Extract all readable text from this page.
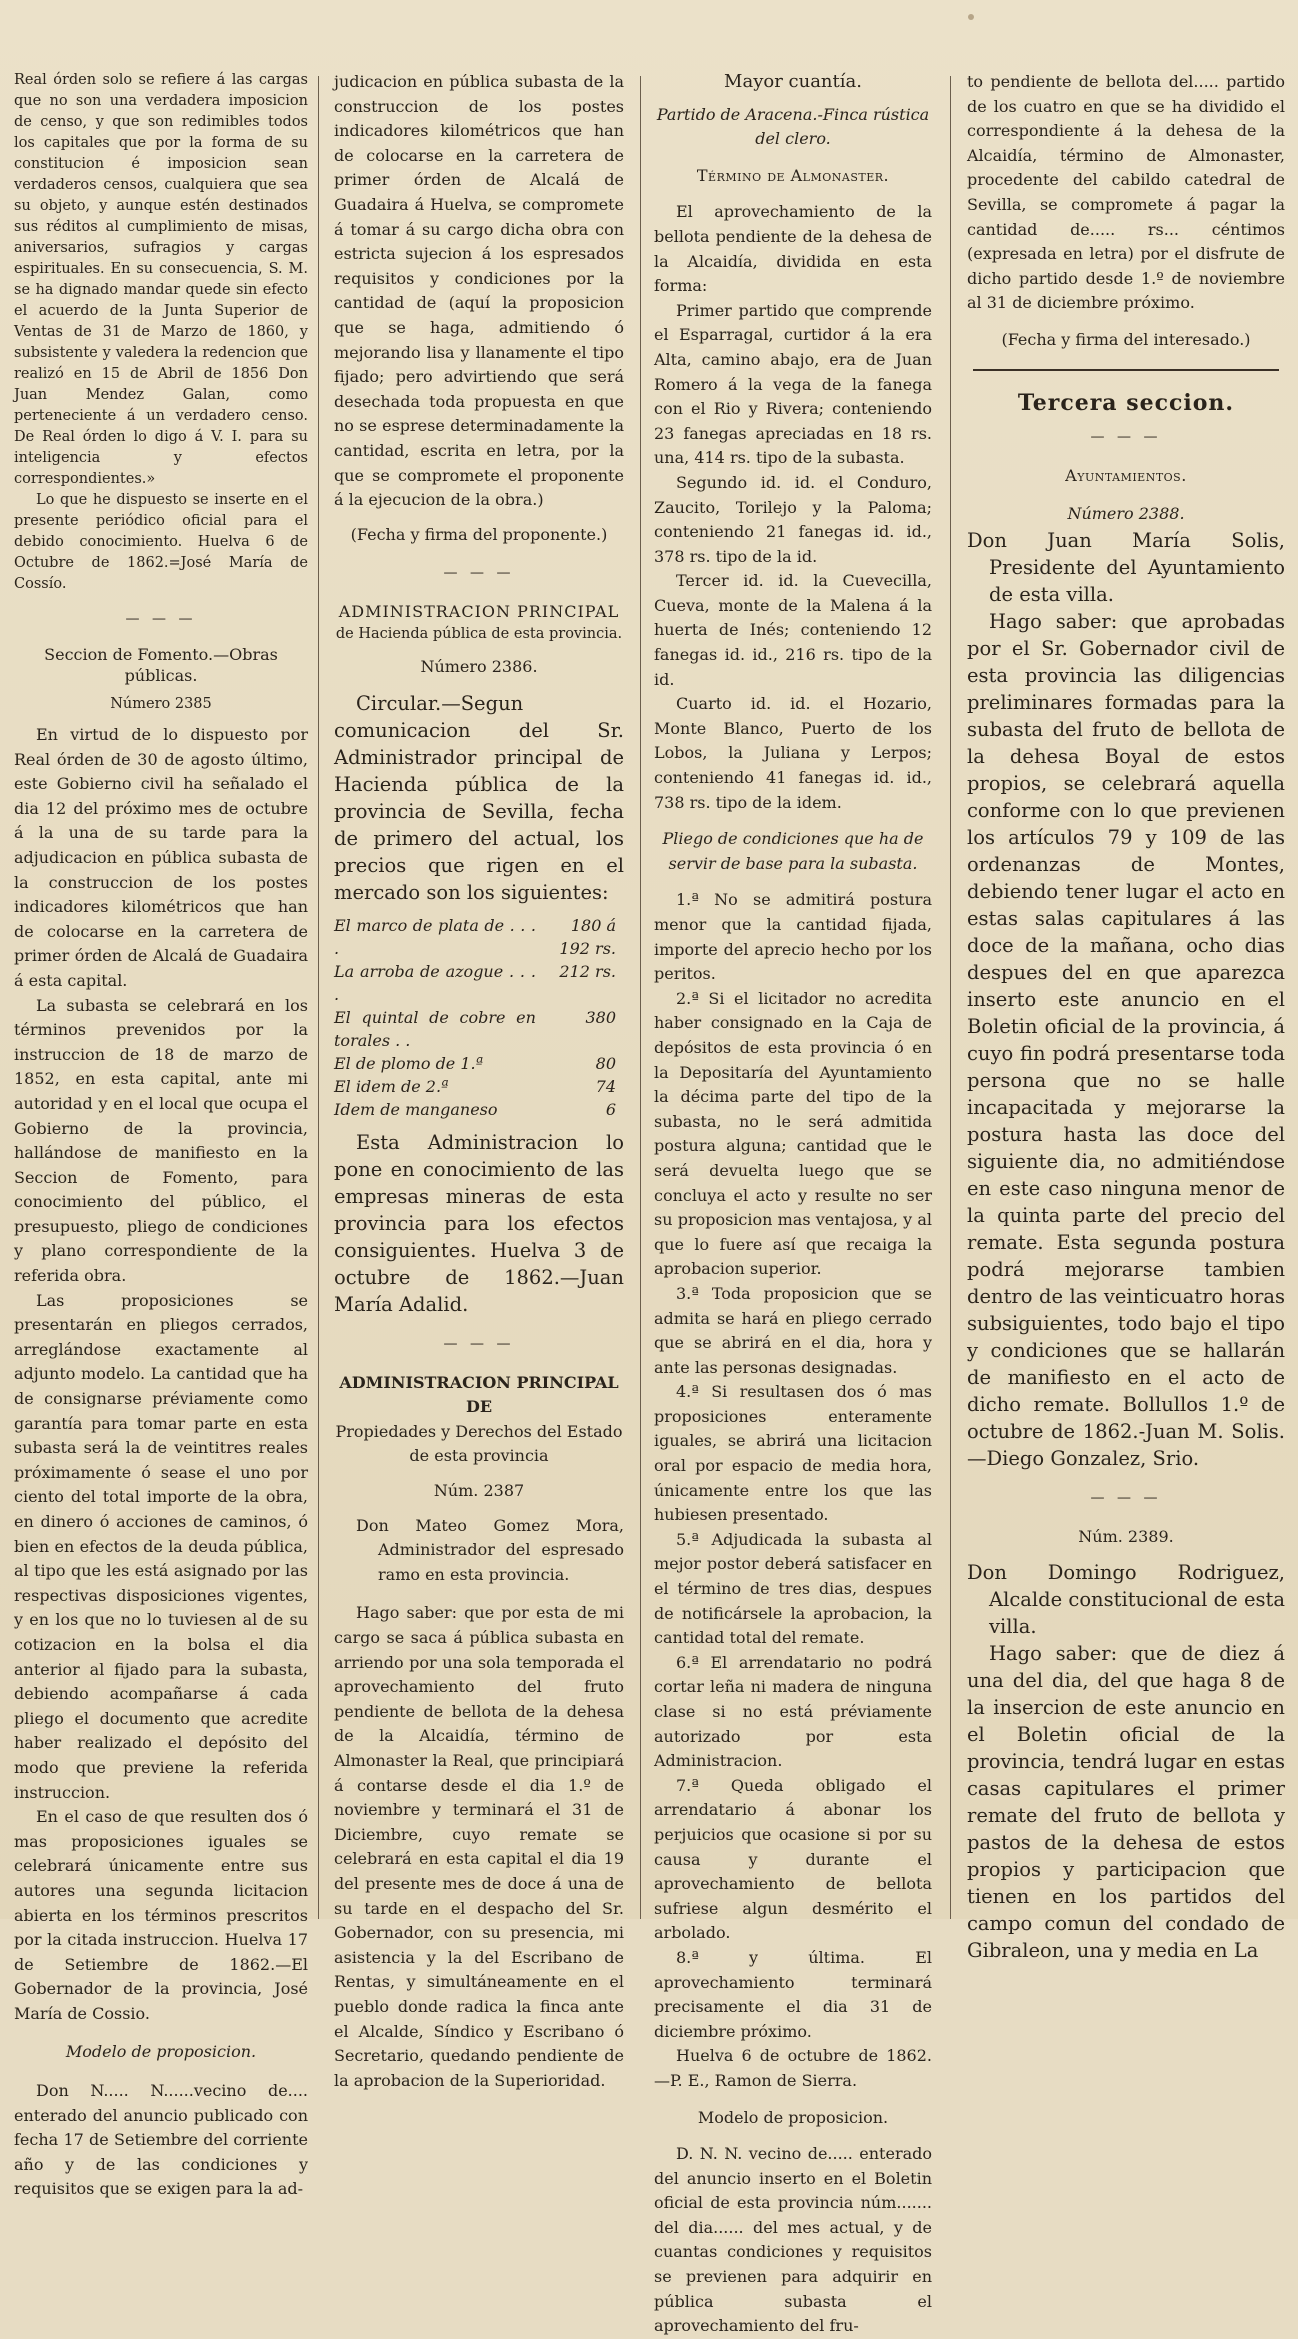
Real órden solo se refiere á las cargas que no son una verdadera imposicion de censo, y que son redimibles todos los capitales que por la forma de su constitucion é imposicion sean verdaderos censos, cualquiera que sea su objeto, y aunque estén destinados sus réditos al cumplimiento de misas, aniversarios, sufragios y cargas espirituales. En su consecuencia, S. M. se ha dignado mandar quede sin efecto el acuerdo de la Junta Superior de Ventas de 31 de Marzo de 1860, y subsistente y valedera la redencion que realizó en 15 de Abril de 1856 Don Juan Mendez Galan, como perteneciente á un verdadero censo. De Real órden lo digo á V. I. para su inteligencia y efectos correspondientes.»

Lo que he dispuesto se inserte en el presente periódico oficial para el debido conocimiento. Huelva 6 de Octubre de 1862.=José María de Cossío.

— — —

Seccion de Fomento.—Obras públicas.

Número 2385

En virtud de lo dispuesto por Real órden de 30 de agosto último, este Gobierno civil ha señalado el dia 12 del próximo mes de octubre á la una de su tarde para la adjudicacion en pública subasta de la construccion de los postes indicadores kilométricos que han de colocarse en la carretera de primer órden de Alcalá de Guadaira á esta capital.

La subasta se celebrará en los términos prevenidos por la instruccion de 18 de marzo de 1852, en esta capital, ante mi autoridad y en el local que ocupa el Gobierno de la provincia, hallándose de manifiesto en la Seccion de Fomento, para conocimiento del público, el presupuesto, pliego de condiciones y plano correspondiente de la referida obra.

Las proposiciones se presentarán en pliegos cerrados, arreglándose exactamente al adjunto modelo. La cantidad que ha de consignarse préviamente como garantía para tomar parte en esta subasta será la de veintitres reales próximamente ó sease el uno por ciento del total importe de la obra, en dinero ó acciones de caminos, ó bien en efectos de la deuda pública, al tipo que les está asignado por las respectivas disposiciones vigentes, y en los que no lo tuviesen al de su cotizacion en la bolsa el dia anterior al fijado para la subasta, debiendo acompañarse á cada pliego el documento que acredite haber realizado el depósito del modo que previene la referida instruccion.

En el caso de que resulten dos ó mas proposiciones iguales se celebrará únicamente entre sus autores una segunda licitacion abierta en los términos prescritos por la citada instruccion. Huelva 17 de Setiembre de 1862.—El Gobernador de la provincia, José María de Cossio.

Modelo de proposicion.

Don N..... N......vecino de.... enterado del anuncio publicado con fecha 17 de Setiembre del corriente año y de las condiciones y requisitos que se exigen para la ad-

judicacion en pública subasta de la construccion de los postes indicadores kilométricos que han de colocarse en la carretera de primer órden de Alcalá de Guadaira á Huelva, se compromete á tomar á su cargo dicha obra con estricta sujecion á los espresados requisitos y condiciones por la cantidad de (aquí la proposicion que se haga, admitiendo ó mejorando lisa y llanamente el tipo fijado; pero advirtiendo que será desechada toda propuesta en que no se esprese determinadamente la cantidad, escrita en letra, por la que se compromete el proponente á la ejecucion de la obra.)

(Fecha y firma del proponente.)

— — —

ADMINISTRACION PRINCIPAL

de Hacienda pública de esta provincia.

Número 2386.

Circular.—Segun comunicacion del Sr. Administrador principal de Hacienda pública de la provincia de Sevilla, fecha de primero del actual, los precios que rigen en el mercado son los siguientes:

El marco de plata de . . . .	180 á 192 rs.
La arroba de azogue . . . .	212 rs.
El quintal de cobre en torales . .	380
El de plomo de 1.ª	80
El idem de 2.ª	74
Idem de manganeso	6

Esta Administracion lo pone en conocimiento de las empresas mineras de esta provincia para los efectos consiguientes. Huelva 3 de octubre de 1862.—Juan María Adalid.

— — —

ADMINISTRACION PRINCIPAL DE

Propiedades y Derechos del Estado de esta provincia

Núm. 2387

Don Mateo Gomez Mora, Administrador del espresado ramo en esta provincia.

Hago saber: que por esta de mi cargo se saca á pública subasta en arriendo por una sola temporada el aprovechamiento del fruto pendiente de bellota de la dehesa de la Alcaidía, término de Almonaster la Real, que principiará á contarse desde el dia 1.º de noviembre y terminará el 31 de Diciembre, cuyo remate se celebrará en esta capital el dia 19 del presente mes de doce á una de su tarde en el despacho del Sr. Gobernador, con su presencia, mi asistencia y la del Escribano de Rentas, y simultáneamente en el pueblo donde radica la finca ante el Alcalde, Síndico y Escribano ó Secretario, quedando pendiente de la aprobacion de la Superioridad.

Mayor cuantía.

Partido de Aracena.-Finca rústica del clero.

Término de Almonaster.

El aprovechamiento de la bellota pendiente de la dehesa de la Alcaidía, dividida en esta forma:

Primer partido que comprende el Esparragal, curtidor á la era Alta, camino abajo, era de Juan Romero á la vega de la fanega con el Rio y Rivera; conteniendo 23 fanegas apreciadas en 18 rs. una, 414 rs. tipo de la subasta.

Segundo id. id. el Conduro, Zaucito, Torilejo y la Paloma; conteniendo 21 fanegas id. id., 378 rs. tipo de la id.

Tercer id. id. la Cuevecilla, Cueva, monte de la Malena á la huerta de Inés; conteniendo 12 fanegas id. id., 216 rs. tipo de la id.

Cuarto id. id. el Hozario, Monte Blanco, Puerto de los Lobos, la Juliana y Lerpos; conteniendo 41 fanegas id. id., 738 rs. tipo de la idem.

Pliego de condiciones que ha de servir de base para la subasta.

1.ª No se admitirá postura menor que la cantidad fijada, importe del aprecio hecho por los peritos.

2.ª Si el licitador no acredita haber consignado en la Caja de depósitos de esta provincia ó en la Depositaría del Ayuntamiento la décima parte del tipo de la subasta, no le será admitida postura alguna; cantidad que le será devuelta luego que se concluya el acto y resulte no ser su proposicion mas ventajosa, y al que lo fuere así que recaiga la aprobacion superior.

3.ª Toda proposicion que se admita se hará en pliego cerrado que se abrirá en el dia, hora y ante las personas designadas.

4.ª Si resultasen dos ó mas proposiciones enteramente iguales, se abrirá una licitacion oral por espacio de media hora, únicamente entre los que las hubiesen presentado.

5.ª Adjudicada la subasta al mejor postor deberá satisfacer en el término de tres dias, despues de notificársele la aprobacion, la cantidad total del remate.

6.ª El arrendatario no podrá cortar leña ni madera de ninguna clase si no está préviamente autorizado por esta Administracion.

7.ª Queda obligado el arrendatario á abonar los perjuicios que ocasione si por su causa y durante el aprovechamiento de bellota sufriese algun desmérito el arbolado.

8.ª y última. El aprovechamiento terminará precisamente el dia 31 de diciembre próximo.

Huelva 6 de octubre de 1862.—P. E., Ramon de Sierra.

Modelo de proposicion.

D. N. N. vecino de..... enterado del anuncio inserto en el Boletin oficial de esta provincia núm....... del dia...... del mes actual, y de cuantas condiciones y requisitos se previenen para adquirir en pública subasta el aprovechamiento del fru-

to pendiente de bellota del..... partido de los cuatro en que se ha dividido el correspondiente á la dehesa de la Alcaidía, término de Almonaster, procedente del cabildo catedral de Sevilla, se compromete á pagar la cantidad de..... rs... céntimos (expresada en letra) por el disfrute de dicho partido desde 1.º de noviembre al 31 de diciembre próximo.

(Fecha y firma del interesado.)

Tercera seccion.

— — —

Ayuntamientos.

Número 2388.

Don Juan María Solis, Presidente del Ayuntamiento de esta villa.

Hago saber: que aprobadas por el Sr. Gobernador civil de esta provincia las diligencias preliminares formadas para la subasta del fruto de bellota de la dehesa Boyal de estos propios, se celebrará aquella conforme con lo que previenen los artículos 79 y 109 de las ordenanzas de Montes, debiendo tener lugar el acto en estas salas capitulares á las doce de la mañana, ocho dias despues del en que aparezca inserto este anuncio en el Boletin oficial de la provincia, á cuyo fin podrá presentarse toda persona que no se halle incapacitada y mejorarse la postura hasta las doce del siguiente dia, no admitiéndose en este caso ninguna menor de la quinta parte del precio del remate. Esta segunda postura podrá mejorarse tambien dentro de las veinticuatro horas subsiguientes, todo bajo el tipo y condiciones que se hallarán de manifiesto en el acto de dicho remate. Bollullos 1.º de octubre de 1862.-Juan M. Solis.—Diego Gonzalez, Srio.

— — —

Núm. 2389.

Don Domingo Rodriguez, Alcalde constitucional de esta villa.

Hago saber: que de diez á una del dia, del que haga 8 de la insercion de este anuncio en el Boletin oficial de la provincia, tendrá lugar en estas casas capitulares el primer remate del fruto de bellota y pastos de la dehesa de estos propios y participacion que tienen en los partidos del campo comun del condado de Gibraleon, una y media en La
